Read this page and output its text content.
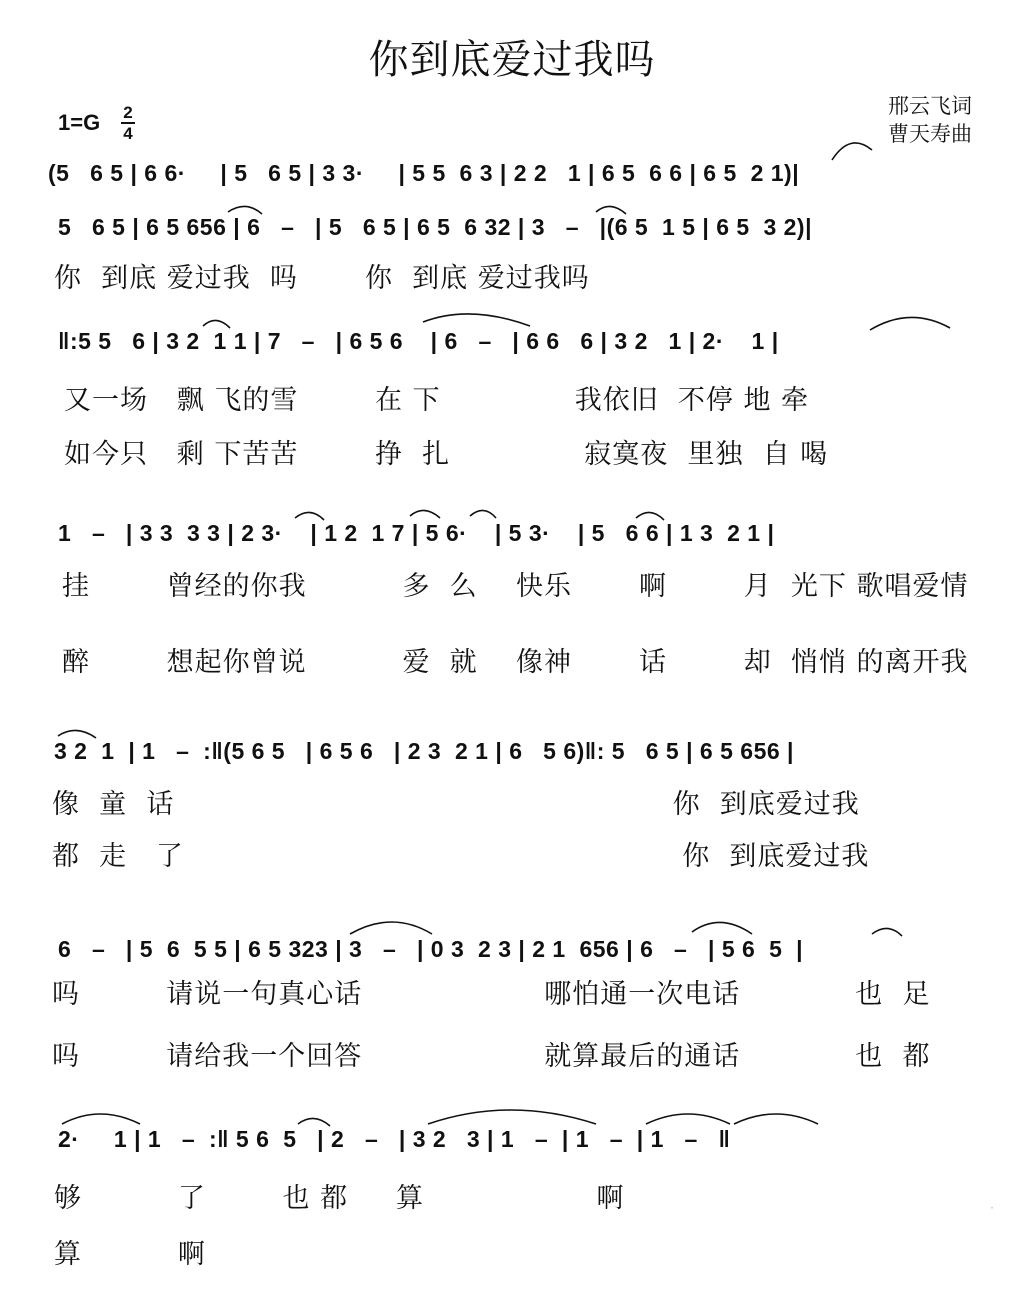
你到底爱过我吗
邢云飞词
曹天寿曲
1=G 2
4
(5   6 5 | 6 6·     | 5   6 5 | 3 3·     | 5 5  6 3 | 2 2   1 | 6 5  6 6 | 6 5  2 1)|
5   6 5 | 6 5 656 | 6   –   | 5   6 5 | 6 5  6 32 | 3   –   |(6 5  1 5 | 6 5  3 2)|
你  到底 爱过我  吗       你  到底 爱过我吗
‖:5 5   6 | 3 2  1 1 | 7   –   | 6 5 6    | 6   –   | 6 6   6 | 3 2   1 | 2·    1 |
又一场   飘 飞的雪        在 下              我依旧  不停 地 牵
如今只   剩 下苦苦        挣  扎              寂寞夜  里独  自 喝
1   –   | 3 3  3 3 | 2 3·    | 1 2  1 7 | 5 6·    | 5 3·    | 5   6 6 | 1 3  2 1 |
挂        曾经的你我          多  么    快乐       啊        月  光下 歌唱爱情
醉        想起你曾说          爱  就    像神       话        却  悄悄 的离开我
3 2  1  | 1   –  :‖(5 6 5   | 6 5 6   | 2 3  2 1 | 6   5 6)‖: 5   6 5 | 6 5 656 |
像  童  话                                                    你  到底爱过我
都  走   了                                                    你  到底爱过我
6   –   | 5  6  5 5 | 6 5 323 | 3   –   | 0 3  2 3 | 2 1  656 | 6   –   | 5 6  5  |
吗         请说一句真心话                   哪怕通一次电话            也  足
吗         请给我一个回答                   就算最后的通话            也  都
2·     1 | 1   –  :‖ 5 6  5   | 2   –   | 3 2   3 | 1   –  | 1   –  | 1   –   ‖
够          了        也 都     算                  啊
算          啊
·
